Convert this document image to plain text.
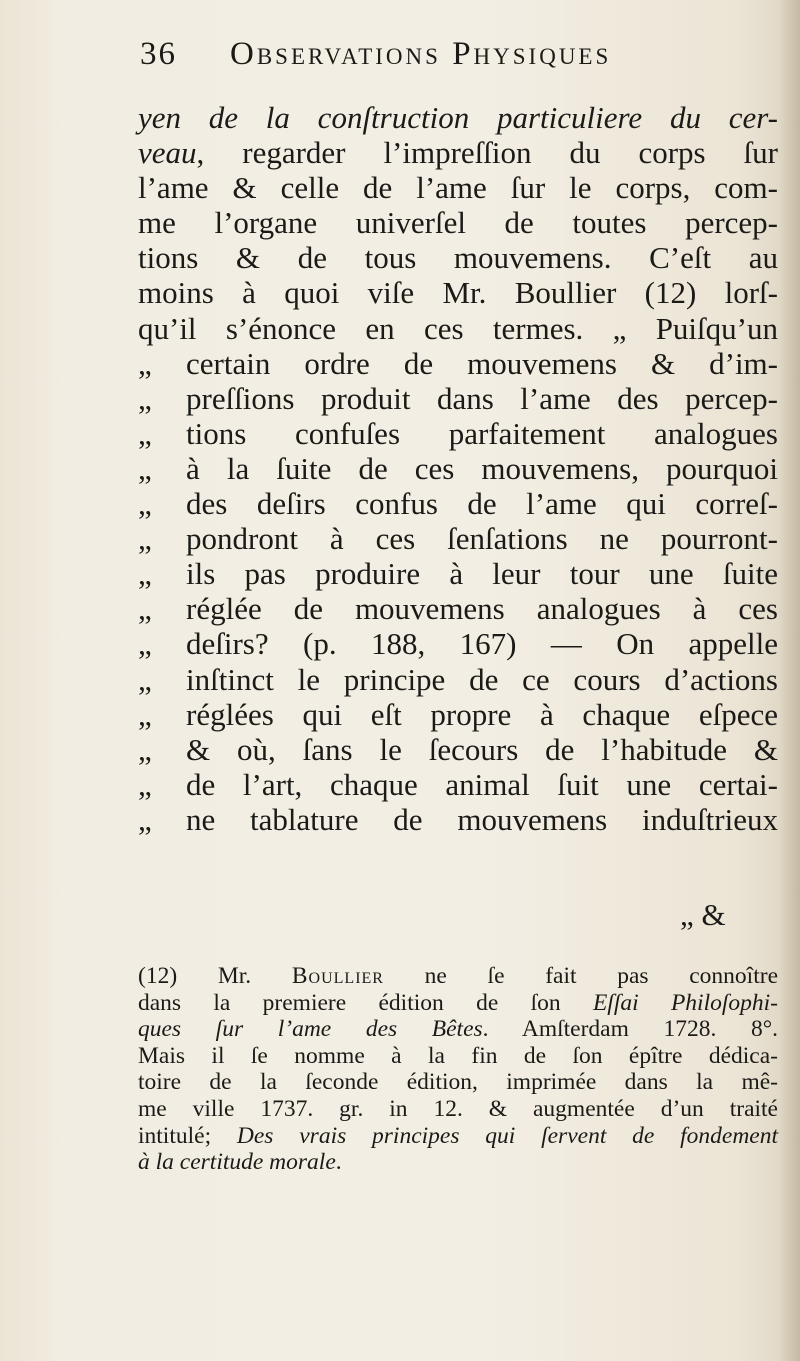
36 Observations Physiques
yen de la conſtruction particuliere du cer-
veau, regarder l’impreſſion du corps ſur
l’ame & celle de l’ame ſur le corps, com-
me l’organe univerſel de toutes percep-
tions & de tous mouvemens. C’eſt au
moins à quoi viſe Mr. Boullier (12) lorſ-
qu’il s’énonce en ces termes. „ Puiſqu’un
„ certain ordre de mouvemens & d’im-
„ preſſions produit dans l’ame des percep-
„ tions confuſes parfaitement analogues
„ à la ſuite de ces mouvemens, pourquoi
„ des deſirs confus de l’ame qui correſ-
„ pondront à ces ſenſations ne pourront-
„ ils pas produire à leur tour une ſuite
„ réglée de mouvemens analogues à ces
„ deſirs? (p. 188, 167) — On appelle
„ inſtinct le principe de ce cours d’actions
„ réglées qui eſt propre à chaque eſpece
„ & où, ſans le ſecours de l’habitude &
„ de l’art, chaque animal ſuit une certai-
„ ne tablature de mouvemens induſtrieux
„ &
(12) Mr. Boullier ne ſe fait pas connoître
dans la premiere édition de ſon Eſſai Philoſophi-
ques ſur l’ame des Bêtes. Amſterdam 1728. 8°.
Mais il ſe nomme à la fin de ſon épître dédica-
toire de la ſeconde édition, imprimée dans la mê-
me ville 1737. gr. in 12. & augmentée d’un traité
intitulé; Des vrais principes qui ſervent de fondement
à la certitude morale.
